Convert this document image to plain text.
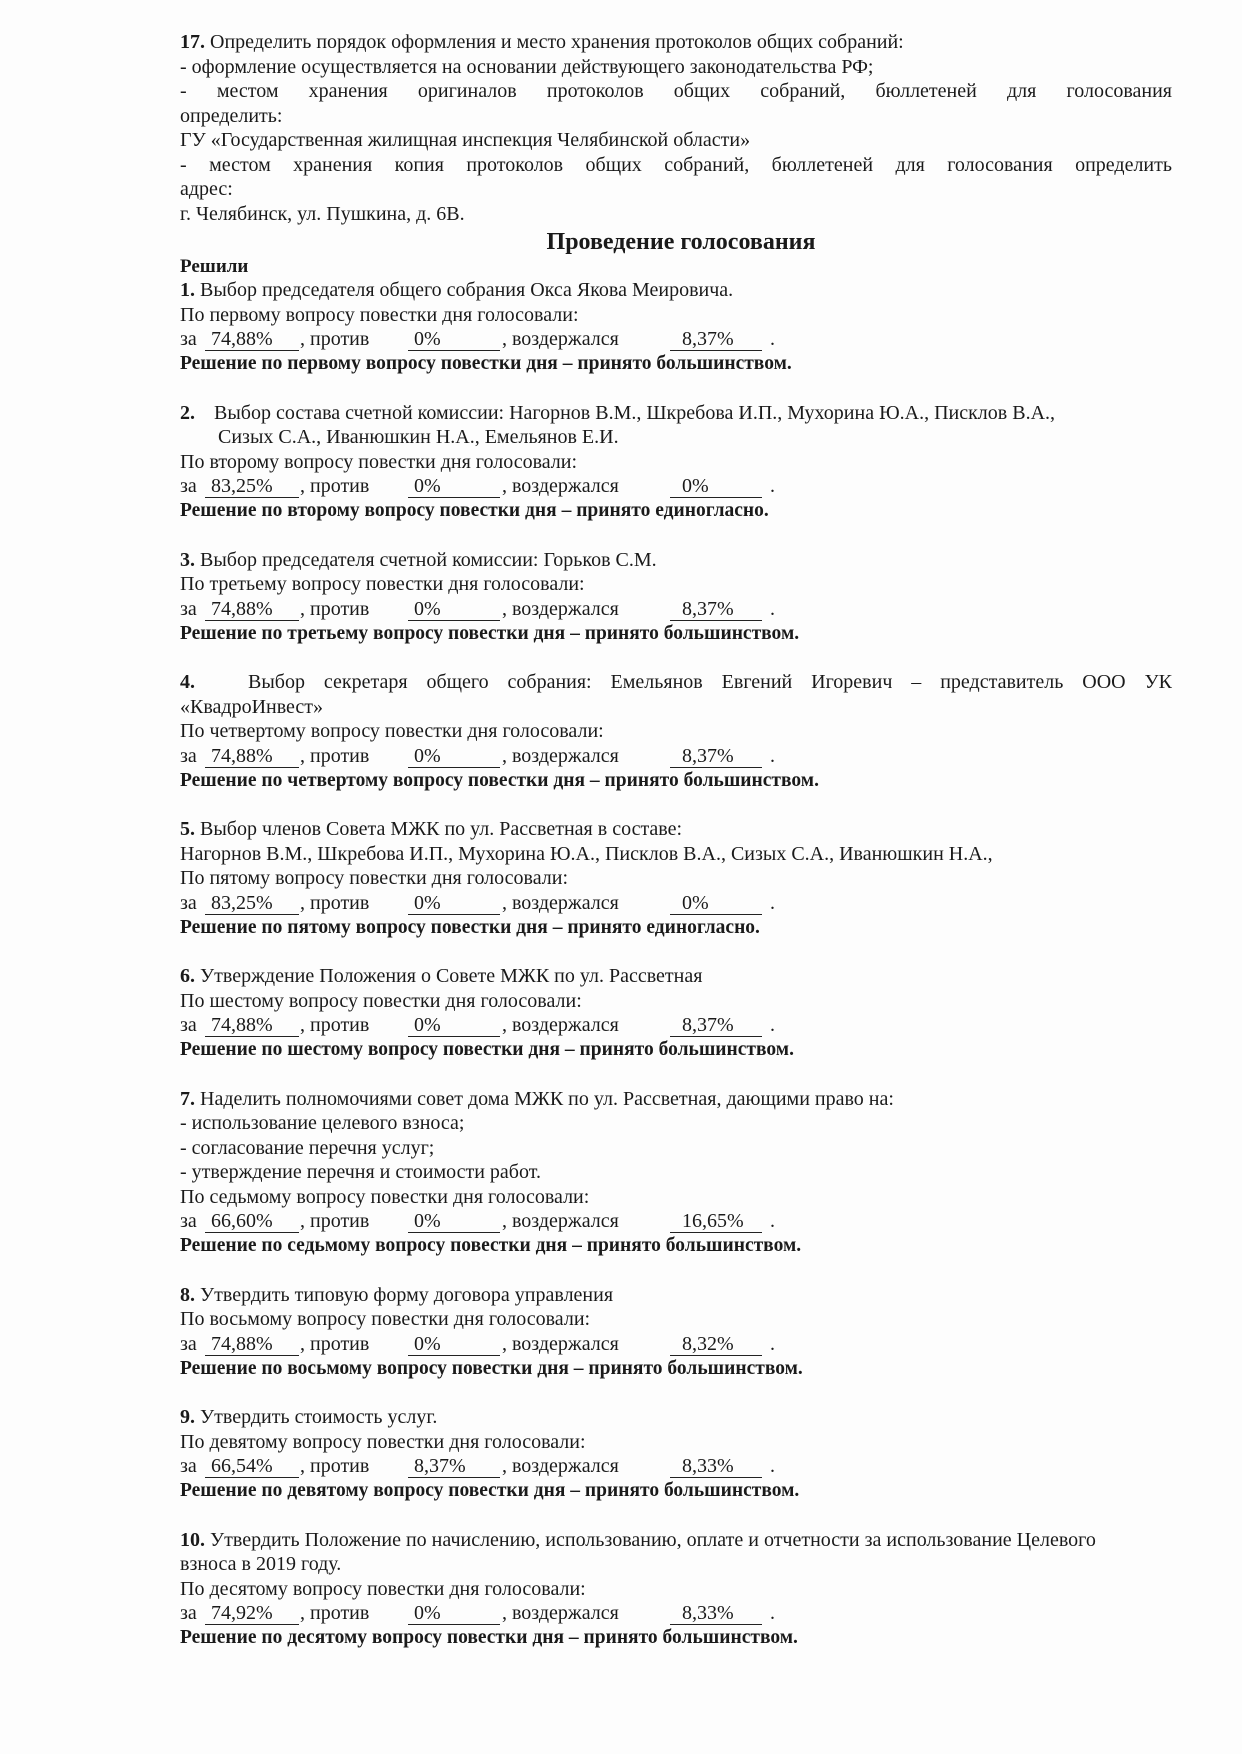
17. Определить порядок оформления и место хранения протоколов общих собраний:
- оформление осуществляется на основании действующего законодательства РФ;
- местом хранения оригиналов протоколов общих собраний, бюллетеней для голосования
определить:
ГУ «Государственная жилищная инспекция Челябинской области»
- местом хранения копия протоколов общих собраний, бюллетеней для голосования определить
адрес:
г. Челябинск, ул. Пушкина, д. 6В.
Проведение голосования
Решили
1. Выбор председателя общего собрания Окса Якова Меировича.
По первому вопросу повестки дня голосовали:
за 74,88%	, против	0%	, воздержался	8,37%	.
Решение по первому вопросу повестки дня – принято большинством.
2. Выбор состава счетной комиссии: Нагорнов В.М., Шкребова И.П., Мухорина Ю.А., Писклов В.А.,
Сизых С.А., Иванюшкин Н.А., Емельянов Е.И.
По второму вопросу повестки дня голосовали:
за 83,25%	, против	0%	, воздержался	0%	.
Решение по второму вопросу повестки дня – принято единогласно.
3. Выбор председателя счетной комиссии: Горьков С.М.
По третьему вопросу повестки дня голосовали:
за 74,88%	, против	0%	, воздержался	8,37%	.
Решение по третьему вопросу повестки дня – принято большинством.
4.	Выбор секретаря общего собрания: Емельянов Евгений Игоревич – представитель ООО УК
«КвадроИнвест»
По четвертому вопросу повестки дня голосовали:
за 74,88%	, против	0%	, воздержался	8,37%	.
Решение по четвертому вопросу повестки дня – принято большинством.
5. Выбор членов Совета МЖК по ул. Рассветная в составе:
Нагорнов В.М., Шкребова И.П., Мухорина Ю.А., Писклов В.А., Сизых С.А., Иванюшкин Н.А.,
По пятому вопросу повестки дня голосовали:
за 83,25%	, против	0%	, воздержался	0%	.
Решение по пятому вопросу повестки дня – принято единогласно.
6. Утверждение Положения о Совете МЖК по ул. Рассветная
По шестому вопросу повестки дня голосовали:
за 74,88%	, против	0%	, воздержался	8,37%	.
Решение по шестому вопросу повестки дня – принято большинством.
7. Наделить полномочиями совет дома МЖК по ул. Рассветная, дающими право на:
- использование целевого взноса;
- согласование перечня услуг;
- утверждение перечня и стоимости работ.
По седьмому вопросу повестки дня голосовали:
за 66,60%	, против	0%	, воздержался	16,65%	.
Решение по седьмому вопросу повестки дня – принято большинством.
8. Утвердить типовую форму договора управления
По восьмому вопросу повестки дня голосовали:
за 74,88%	, против	0%	, воздержался	8,32%	.
Решение по восьмому вопросу повестки дня – принято большинством.
9. Утвердить стоимость услуг.
По девятому вопросу повестки дня голосовали:
за 66,54%	, против	8,37%	, воздержался	8,33%	.
Решение по девятому вопросу повестки дня – принято большинством.
10. Утвердить Положение по начислению, использованию, оплате и отчетности за использование Целевого
взноса в 2019 году.
По десятому вопросу повестки дня голосовали:
за 74,92%	, против	0%	, воздержался	8,33%	.
Решение по десятому вопросу повестки дня – принято большинством.
